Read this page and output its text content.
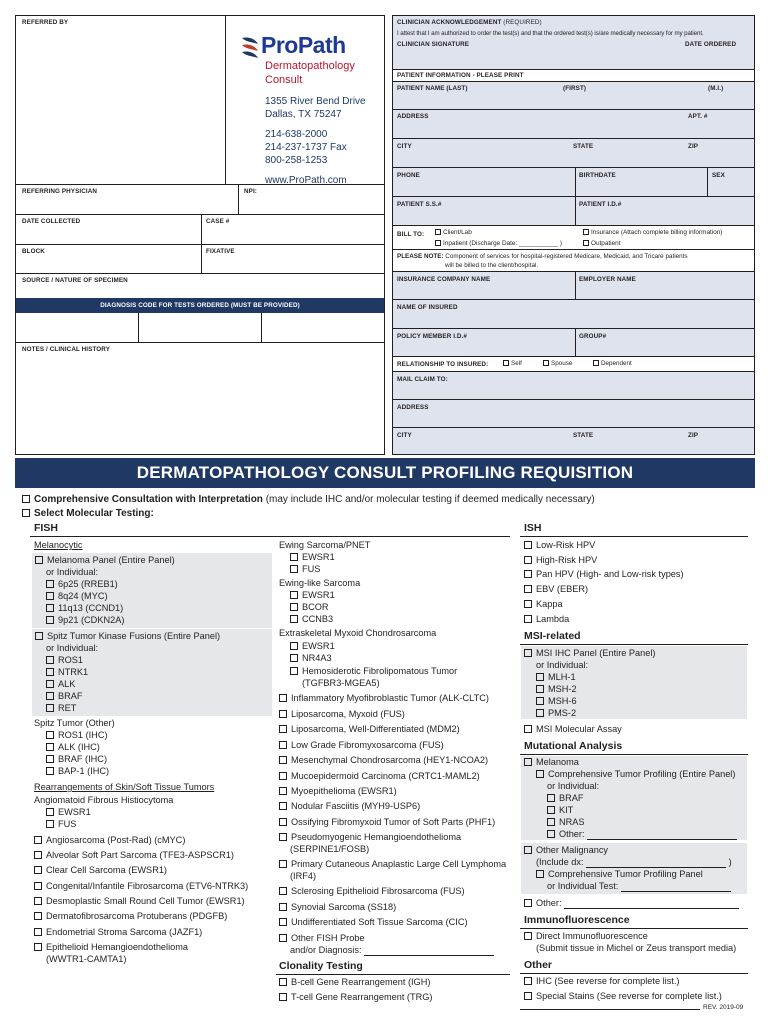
REFERRED BY
ProPath
Dermatopathology
Consult
1355 River Bend Drive
Dallas, TX 75247
214-638-2000
214-237-1737 Fax
800-258-1253
www.ProPath.com
REFERRING PHYSICIAN	NPI:
DATE COLLECTED	CASE #
BLOCK	FIXATIVE
SOURCE / NATURE OF SPECIMEN
DIAGNOSIS CODE FOR TESTS ORDERED (MUST BE PROVIDED)
NOTES / CLINICAL HISTORY
CLINICIAN ACKNOWLEDGEMENT (REQUIRED)
I attest that I am authorized to order the test(s) and that the ordered test(s) is/are medically necessary for my patient.
CLINICIAN SIGNATURE	DATE ORDERED
PATIENT INFORMATION - PLEASE PRINT
PATIENT NAME (LAST)	(FIRST)	(M.I.)
ADDRESS	APT. #
CITY	STATE	ZIP
PHONE	BIRTHDATE	SEX
PATIENT S.S.#	PATIENT I.D.#
BILL TO:	Client/Lab	Insurance (Attach complete billing information)
Inpatient (Discharge Date: ___________ )	Outpatient
PLEASE NOTE: Component of services for hospital-registered Medicare, Medicaid, and Tricare patients
will be billed to the client/hospital.
INSURANCE COMPANY NAME	EMPLOYER NAME
NAME OF INSURED
POLICY MEMBER I.D.#	GROUP#
RELATIONSHIP TO INSURED:	Self	Spouse	Dependent
MAIL CLAIM TO:
ADDRESS
CITY	STATE	ZIP
DERMATOPATHOLOGY CONSULT PROFILING REQUISITION
Comprehensive Consultation with Interpretation (may include IHC and/or molecular testing if deemed medically necessary)
Select Molecular Testing:
FISH
Melanocytic
Melanoma Panel (Entire Panel)
or Individual:
6p25 (RREB1)
8q24 (MYC)
11q13 (CCND1)
9p21 (CDKN2A)
Spitz Tumor Kinase Fusions (Entire Panel)
or Individual:
ROS1
NTRK1
ALK
BRAF
RET
Spitz Tumor (Other)
ROS1 (IHC)
ALK (IHC)
BRAF (IHC)
BAP-1 (IHC)
Rearrangements of Skin/Soft Tissue Tumors
Angiomatoid Fibrous Histiocytoma
EWSR1
FUS
Angiosarcoma (Post-Rad) (cMYC)
Alveolar Soft Part Sarcoma (TFE3-ASPSCR1)
Clear Cell Sarcoma (EWSR1)
Congenital/Infantile Fibrosarcoma (ETV6-NTRK3)
Desmoplastic Small Round Cell Tumor (EWSR1)
Dermatofibrosarcoma Protuberans (PDGFB)
Endometrial Stroma Sarcoma (JAZF1)
Epithelioid Hemangioendothelioma
(WWTR1-CAMTA1)
Ewing Sarcoma/PNET
EWSR1
FUS
Ewing-like Sarcoma
EWSR1
BCOR
CCNB3
Extraskeletal Myxoid Chondrosarcoma
EWSR1
NR4A3
Hemosiderotic Fibrolipomatous Tumor
(TGFBR3-MGEA5)
Inflammatory Myofibroblastic Tumor (ALK-CLTC)
Liposarcoma, Myxoid (FUS)
Liposarcoma, Well-Differentiated (MDM2)
Low Grade Fibromyxosarcoma (FUS)
Mesenchymal Chondrosarcoma (HEY1-NCOA2)
Mucoepidermoid Carcinoma (CRTC1-MAML2)
Myoepithelioma (EWSR1)
Nodular Fasciitis (MYH9-USP6)
Ossifying Fibromyxoid Tumor of Soft Parts (PHF1)
Pseudomyogenic Hemangioendothelioma
(SERPINE1/FOSB)
Primary Cutaneous Anaplastic Large Cell Lymphoma
(IRF4)
Sclerosing Epithelioid Fibrosarcoma (FUS)
Synovial Sarcoma (SS18)
Undifferentiated Soft Tissue Sarcoma (CIC)
Other FISH Probe
and/or Diagnosis:
Clonality Testing
B-cell Gene Rearrangement (IGH)
T-cell Gene Rearrangement (TRG)
ISH
Low-Risk HPV
High-Risk HPV
Pan HPV (High- and Low-risk types)
EBV (EBER)
Kappa
Lambda
MSI-related
MSI IHC Panel (Entire Panel)
or Individual:
MLH-1
MSH-2
MSH-6
PMS-2
MSI Molecular Assay
Mutational Analysis
Melanoma
Comprehensive Tumor Profiling (Entire Panel)
or Individual:
BRAF
KIT
NRAS
Other:
Other Malignancy
(Include dx:	)
Comprehensive Tumor Profiling Panel
or Individual Test:
Other:
Immunofluorescence
Direct Immunofluorescence
(Submit tissue in Michel or Zeus transport media)
Other
IHC (See reverse for complete list.)
Special Stains (See reverse for complete list.)
REV. 2019-09
